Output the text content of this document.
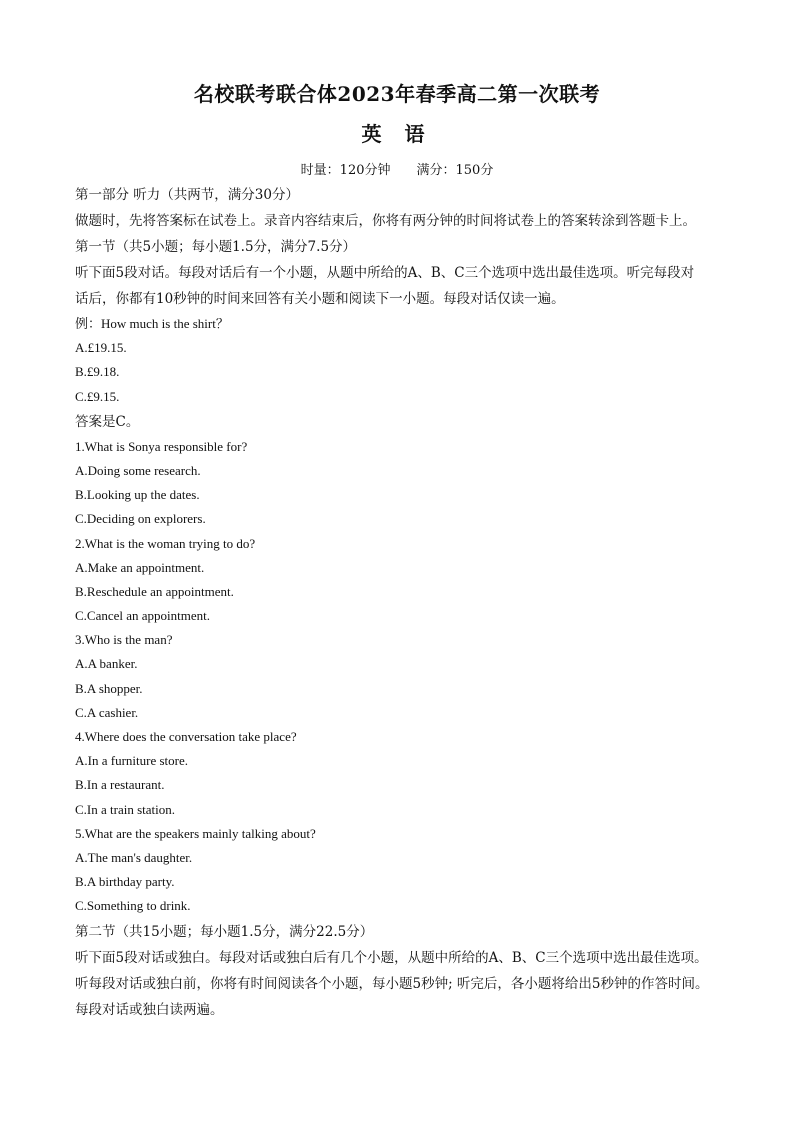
名校联考联合体2023年春季高二第一次联考
英 语
时量：120分钟 满分：150分
第一部分 听力（共两节，满分30分）
做题时，先将答案标在试卷上。录音内容结束后，你将有两分钟的时间将试卷上的答案转涂到答题卡上。
第一节（共5小题；每小题1.5分，满分7.5分）
听下面5段对话。每段对话后有一个小题，从题中所给的A、B、C三个选项中选出最佳选项。听完每段对
话后，你都有10秒钟的时间来回答有关小题和阅读下一小题。每段对话仅读一遍。
例：How much is the shirt？
A.£19.15.
B.£9.18.
C.£9.15.
答案是C。
1.What is Sonya responsible for?
A.Doing some research.
B.Looking up the dates.
C.Deciding on explorers.
2.What is the woman trying to do?
A.Make an appointment.
B.Reschedule an appointment.
C.Cancel an appointment.
3.Who is the man?
A.A banker.
B.A shopper.
C.A cashier.
4.Where does the conversation take place?
A.In a furniture store.
B.In a restaurant.
C.In a train station.
5.What are the speakers mainly talking about?
A.The man's daughter.
B.A birthday party.
C.Something to drink.
第二节（共15小题；每小题1.5分，满分22.5分）
听下面5段对话或独白。每段对话或独白后有几个小题，从题中所给的A、B、C三个选项中选出最佳选项。
听每段对话或独白前，你将有时间阅读各个小题，每小题5秒钟; 听完后，各小题将给出5秒钟的作答时间。
每段对话或独白读两遍。
